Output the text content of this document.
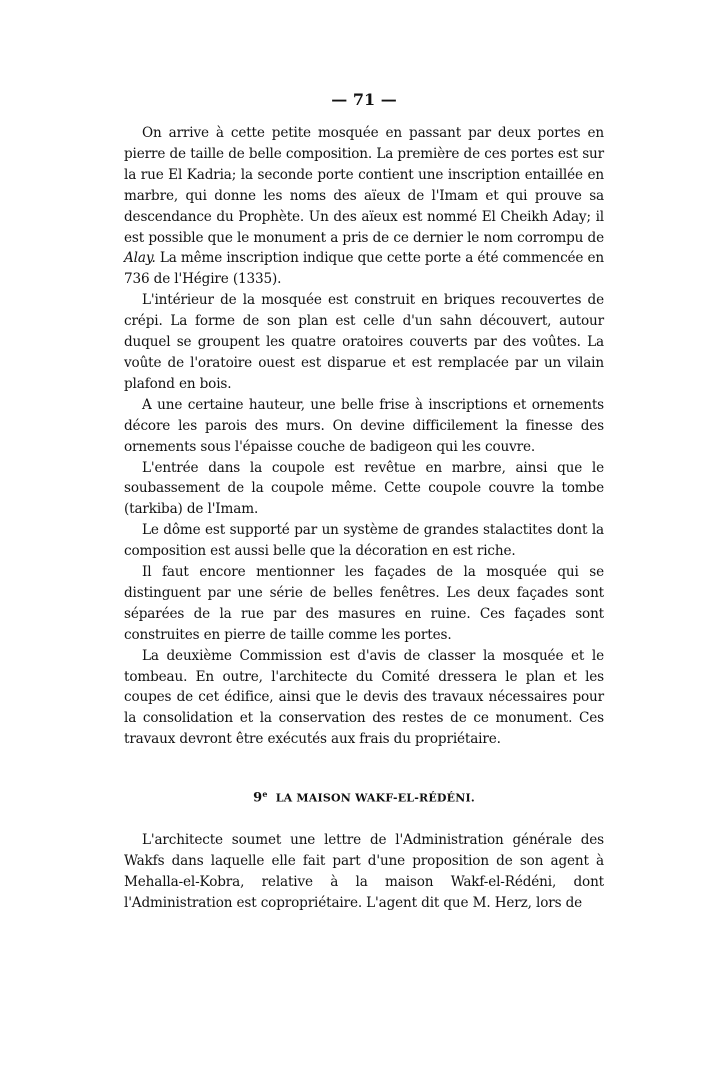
— 71 —

On arrive à cette petite mosquée en passant par deux portes en pierre de taille de belle composition. La première de ces portes est sur la rue El Kadria; la seconde porte contient une inscription entaillée en marbre, qui donne les noms des aïeux de l'Imam et qui prouve sa descendance du Prophète. Un des aïeux est nommé El Cheikh Aday; il est possible que le monument a pris de ce dernier le nom corrompu de Alay. La même inscription indique que cette porte a été commencée en 736 de l'Hégire (1335).

L'intérieur de la mosquée est construit en briques recouvertes de crépi. La forme de son plan est celle d'un sahn découvert, autour duquel se groupent les quatre oratoires couverts par des voûtes. La voûte de l'oratoire ouest est disparue et est remplacée par un vilain plafond en bois.

A une certaine hauteur, une belle frise à inscriptions et ornements décore les parois des murs. On devine difficilement la finesse des ornements sous l'épaisse couche de badigeon qui les couvre.

L'entrée dans la coupole est revêtue en marbre, ainsi que le soubassement de la coupole même. Cette coupole couvre la tombe (tarkiba) de l'Imam.

Le dôme est supporté par un système de grandes stalactites dont la composition est aussi belle que la décoration en est riche.

Il faut encore mentionner les façades de la mosquée qui se distinguent par une série de belles fenêtres. Les deux façades sont séparées de la rue par des masures en ruine. Ces façades sont construites en pierre de taille comme les portes.

La deuxième Commission est d'avis de classer la mosquée et le tombeau. En outre, l'architecte du Comité dressera le plan et les coupes de cet édifice, ainsi que le devis des travaux nécessaires pour la consolidation et la conservation des restes de ce monument. Ces travaux devront être exécutés aux frais du propriétaire.

9e LA MAISON WAKF-EL-RÉDÉNI.

L'architecte soumet une lettre de l'Administration générale des Wakfs dans laquelle elle fait part d'une proposition de son agent à Mehalla-el-Kobra, relative à la maison Wakf-el-Rédéni, dont l'Administration est copropriétaire. L'agent dit que M. Herz, lors de
